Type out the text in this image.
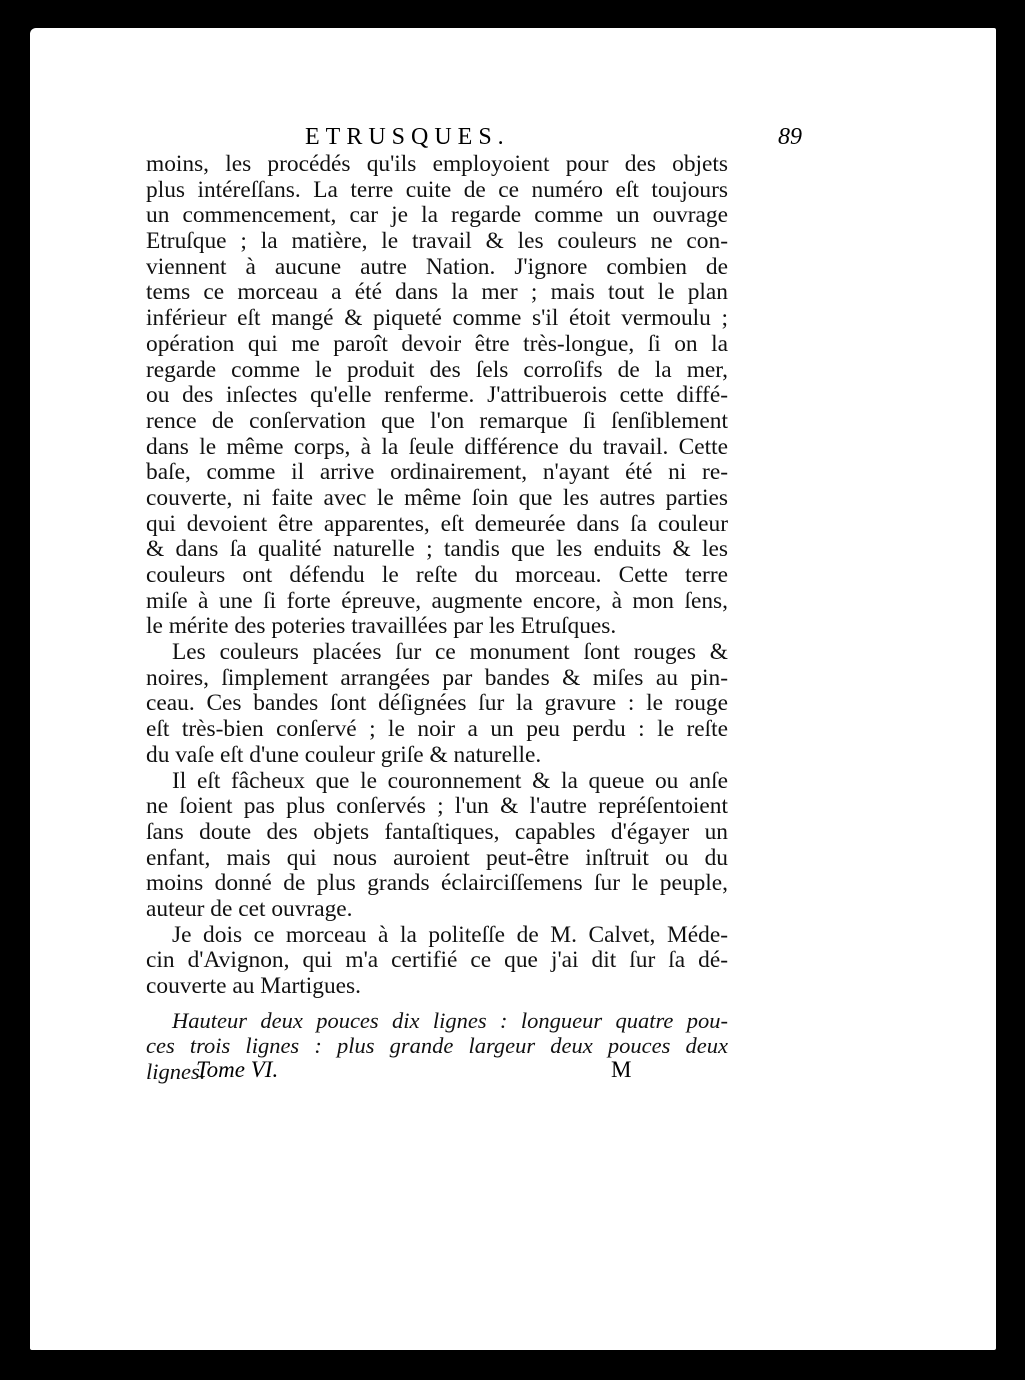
ETRUSQUES.	89
moins, les procédés qu'ils employoient pour des objets
plus intéreſſans. La terre cuite de ce numéro eſt toujours
un commencement, car je la regarde comme un ouvrage
Etruſque ; la matière, le travail & les couleurs ne con-
viennent à aucune autre Nation. J'ignore combien de
tems ce morceau a été dans la mer ; mais tout le plan
inférieur eſt mangé & piqueté comme s'il étoit vermoulu ;
opération qui me paroît devoir être très-longue, ſi on la
regarde comme le produit des ſels corroſifs de la mer,
ou des inſectes qu'elle renferme. J'attribuerois cette diffé-
rence de conſervation que l'on remarque ſi ſenſiblement
dans le même corps, à la ſeule différence du travail. Cette
baſe, comme il arrive ordinairement, n'ayant été ni re-
couverte, ni faite avec le même ſoin que les autres parties
qui devoient être apparentes, eſt demeurée dans ſa couleur
& dans ſa qualité naturelle ; tandis que les enduits & les
couleurs ont défendu le reſte du morceau. Cette terre
miſe à une ſi forte épreuve, augmente encore, à mon ſens,
le mérite des poteries travaillées par les Etruſques.
Les couleurs placées ſur ce monument ſont rouges &
noires, ſimplement arrangées par bandes & miſes au pin-
ceau. Ces bandes ſont déſignées ſur la gravure : le rouge
eſt très-bien conſervé ; le noir a un peu perdu : le reſte
du vaſe eſt d'une couleur griſe & naturelle.
Il eſt fâcheux que le couronnement & la queue ou anſe
ne ſoient pas plus conſervés ; l'un & l'autre repréſentoient
ſans doute des objets fantaſtiques, capables d'égayer un
enfant, mais qui nous auroient peut-être inſtruit ou du
moins donné de plus grands éclairciſſemens ſur le peuple,
auteur de cet ouvrage.
Je dois ce morceau à la politeſſe de M. Calvet, Méde-
cin d'Avignon, qui m'a certifié ce que j'ai dit ſur ſa dé-
couverte au Martigues.
Hauteur deux pouces dix lignes : longueur quatre pou-
ces trois lignes : plus grande largeur deux pouces deux
lignes.
Tome VI.	M
